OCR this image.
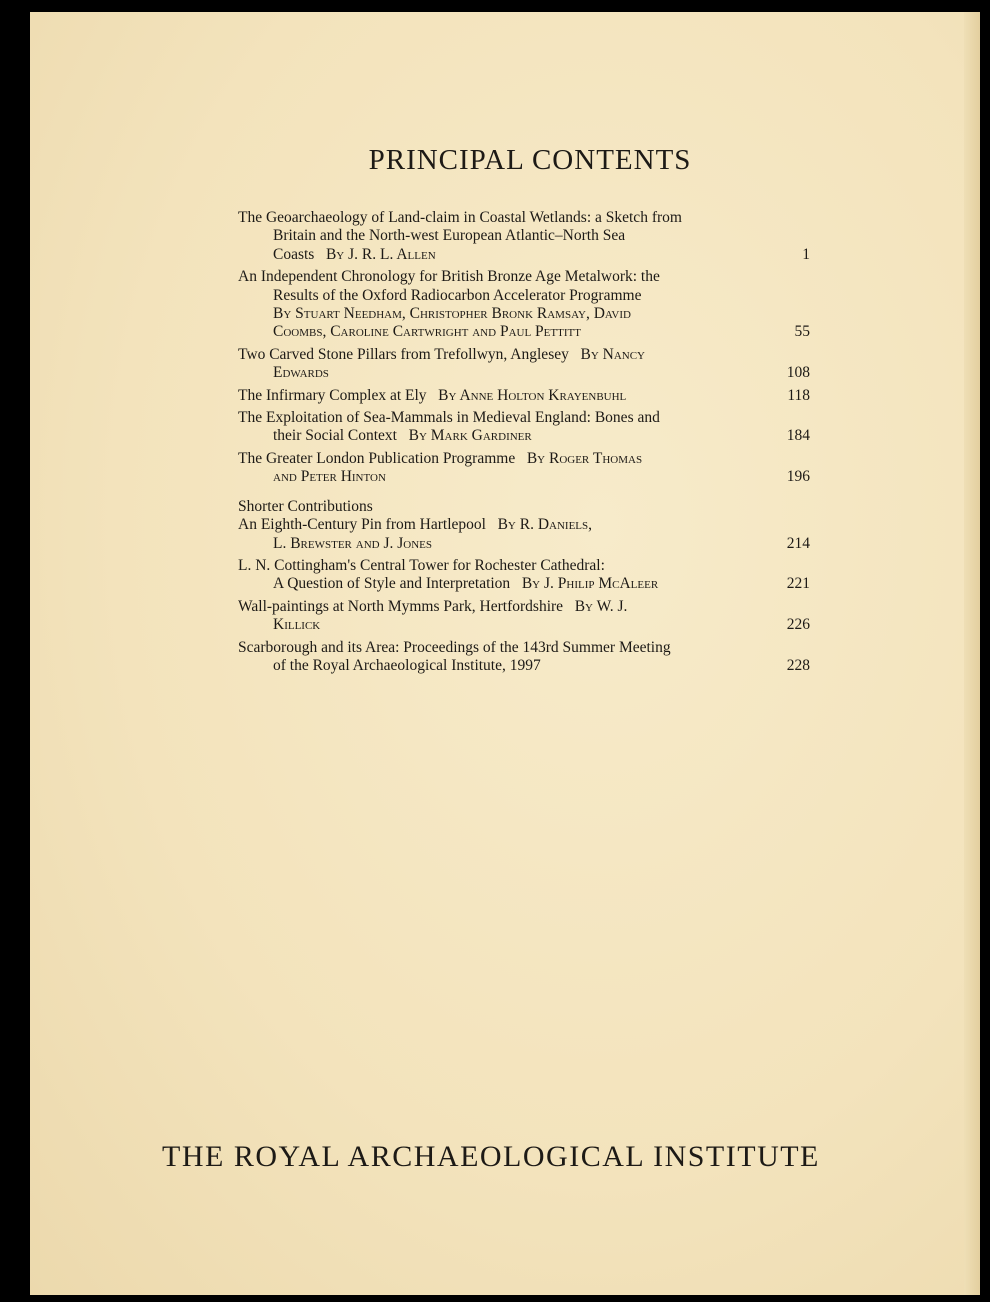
PRINCIPAL CONTENTS
The Geoarchaeology of Land-claim in Coastal Wetlands: a Sketch from
Britain and the North-west European Atlantic–North Sea
Coasts By J. R. L. Allen	1
An Independent Chronology for British Bronze Age Metalwork: the
Results of the Oxford Radiocarbon Accelerator Programme
By Stuart Needham, Christopher Bronk Ramsay, David
Coombs, Caroline Cartwright and Paul Pettitt	55
Two Carved Stone Pillars from Trefollwyn, Anglesey By Nancy
Edwards	108
The Infirmary Complex at Ely By Anne Holton Krayenbuhl	118
The Exploitation of Sea-Mammals in Medieval England: Bones and
their Social Context By Mark Gardiner	184
The Greater London Publication Programme By Roger Thomas
and Peter Hinton	196
Shorter Contributions
An Eighth-Century Pin from Hartlepool By R. Daniels,
L. Brewster and J. Jones	214
L. N. Cottingham's Central Tower for Rochester Cathedral:
A Question of Style and Interpretation By J. Philip McAleer	221
Wall-paintings at North Mymms Park, Hertfordshire By W. J.
Killick	226
Scarborough and its Area: Proceedings of the 143rd Summer Meeting
of the Royal Archaeological Institute, 1997	228
THE ROYAL ARCHAEOLOGICAL INSTITUTE
